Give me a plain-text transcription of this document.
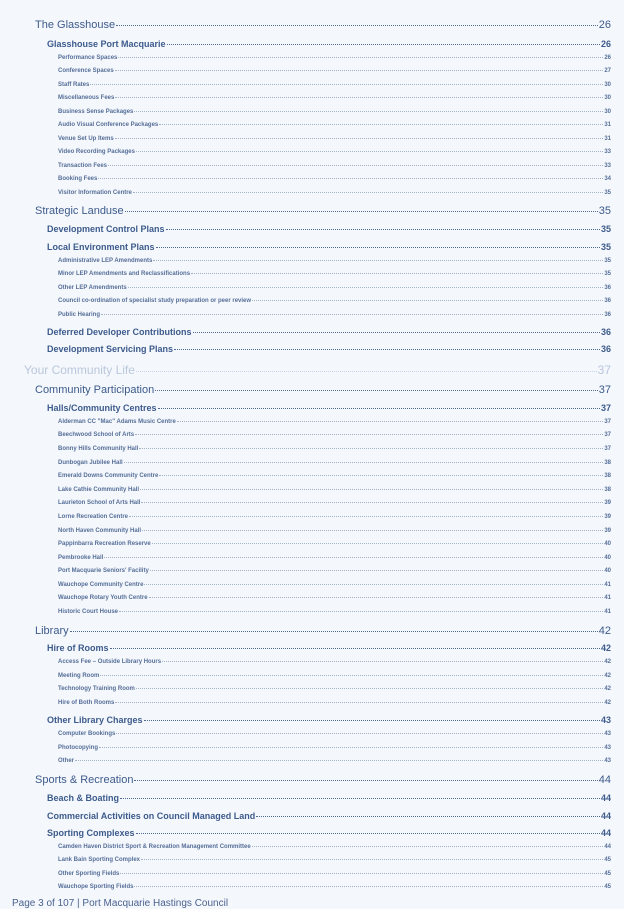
The Glasshouse	26
Glasshouse Port Macquarie	26
Performance Spaces	26
Conference Spaces	27
Staff Rates	30
Miscellaneous Fees	30
Business Sense Packages	30
Audio Visual Conference Packages	31
Venue Set Up Items	31
Video Recording Packages	33
Transaction Fees	33
Booking Fees	34
Visitor Information Centre	35
Strategic Landuse	35
Development Control Plans	35
Local Environment Plans	35
Administrative LEP Amendments	35
Minor LEP Amendments and Reclassifications	35
Other LEP Amendments	36
Council co-ordination of specialist study preparation or peer review	36
Public Hearing	36
Deferred Developer Contributions	36
Development Servicing Plans	36
Your Community Life	37
Community Participation	37
Halls/Community Centres	37
Alderman CC "Mac" Adams Music Centre	37
Beechwood School of Arts	37
Bonny Hills Community Hall	37
Dunbogan Jubilee Hall	38
Emerald Downs Community Centre	38
Lake Cathie Community Hall	38
Laurieton School of Arts Hall	39
Lorne Recreation Centre	39
North Haven Community Hall	39
Pappinbarra Recreation Reserve	40
Pembrooke Hall	40
Port Macquarie Seniors' Facility	40
Wauchope Community Centre	41
Wauchope Rotary Youth Centre	41
Historic Court House	41
Library	42
Hire of Rooms	42
Access Fee – Outside Library Hours	42
Meeting Room	42
Technology Training Room	42
Hire of Both Rooms	42
Other Library Charges	43
Computer Bookings	43
Photocopying	43
Other	43
Sports & Recreation	44
Beach & Boating	44
Commercial Activities on Council Managed Land	44
Sporting Complexes	44
Camden Haven District Sport & Recreation Management Committee	44
Lank Bain Sporting Complex	45
Other Sporting Fields	45
Wauchope Sporting Fields	45
Page 3 of 107 | Port Macquarie Hastings Council
